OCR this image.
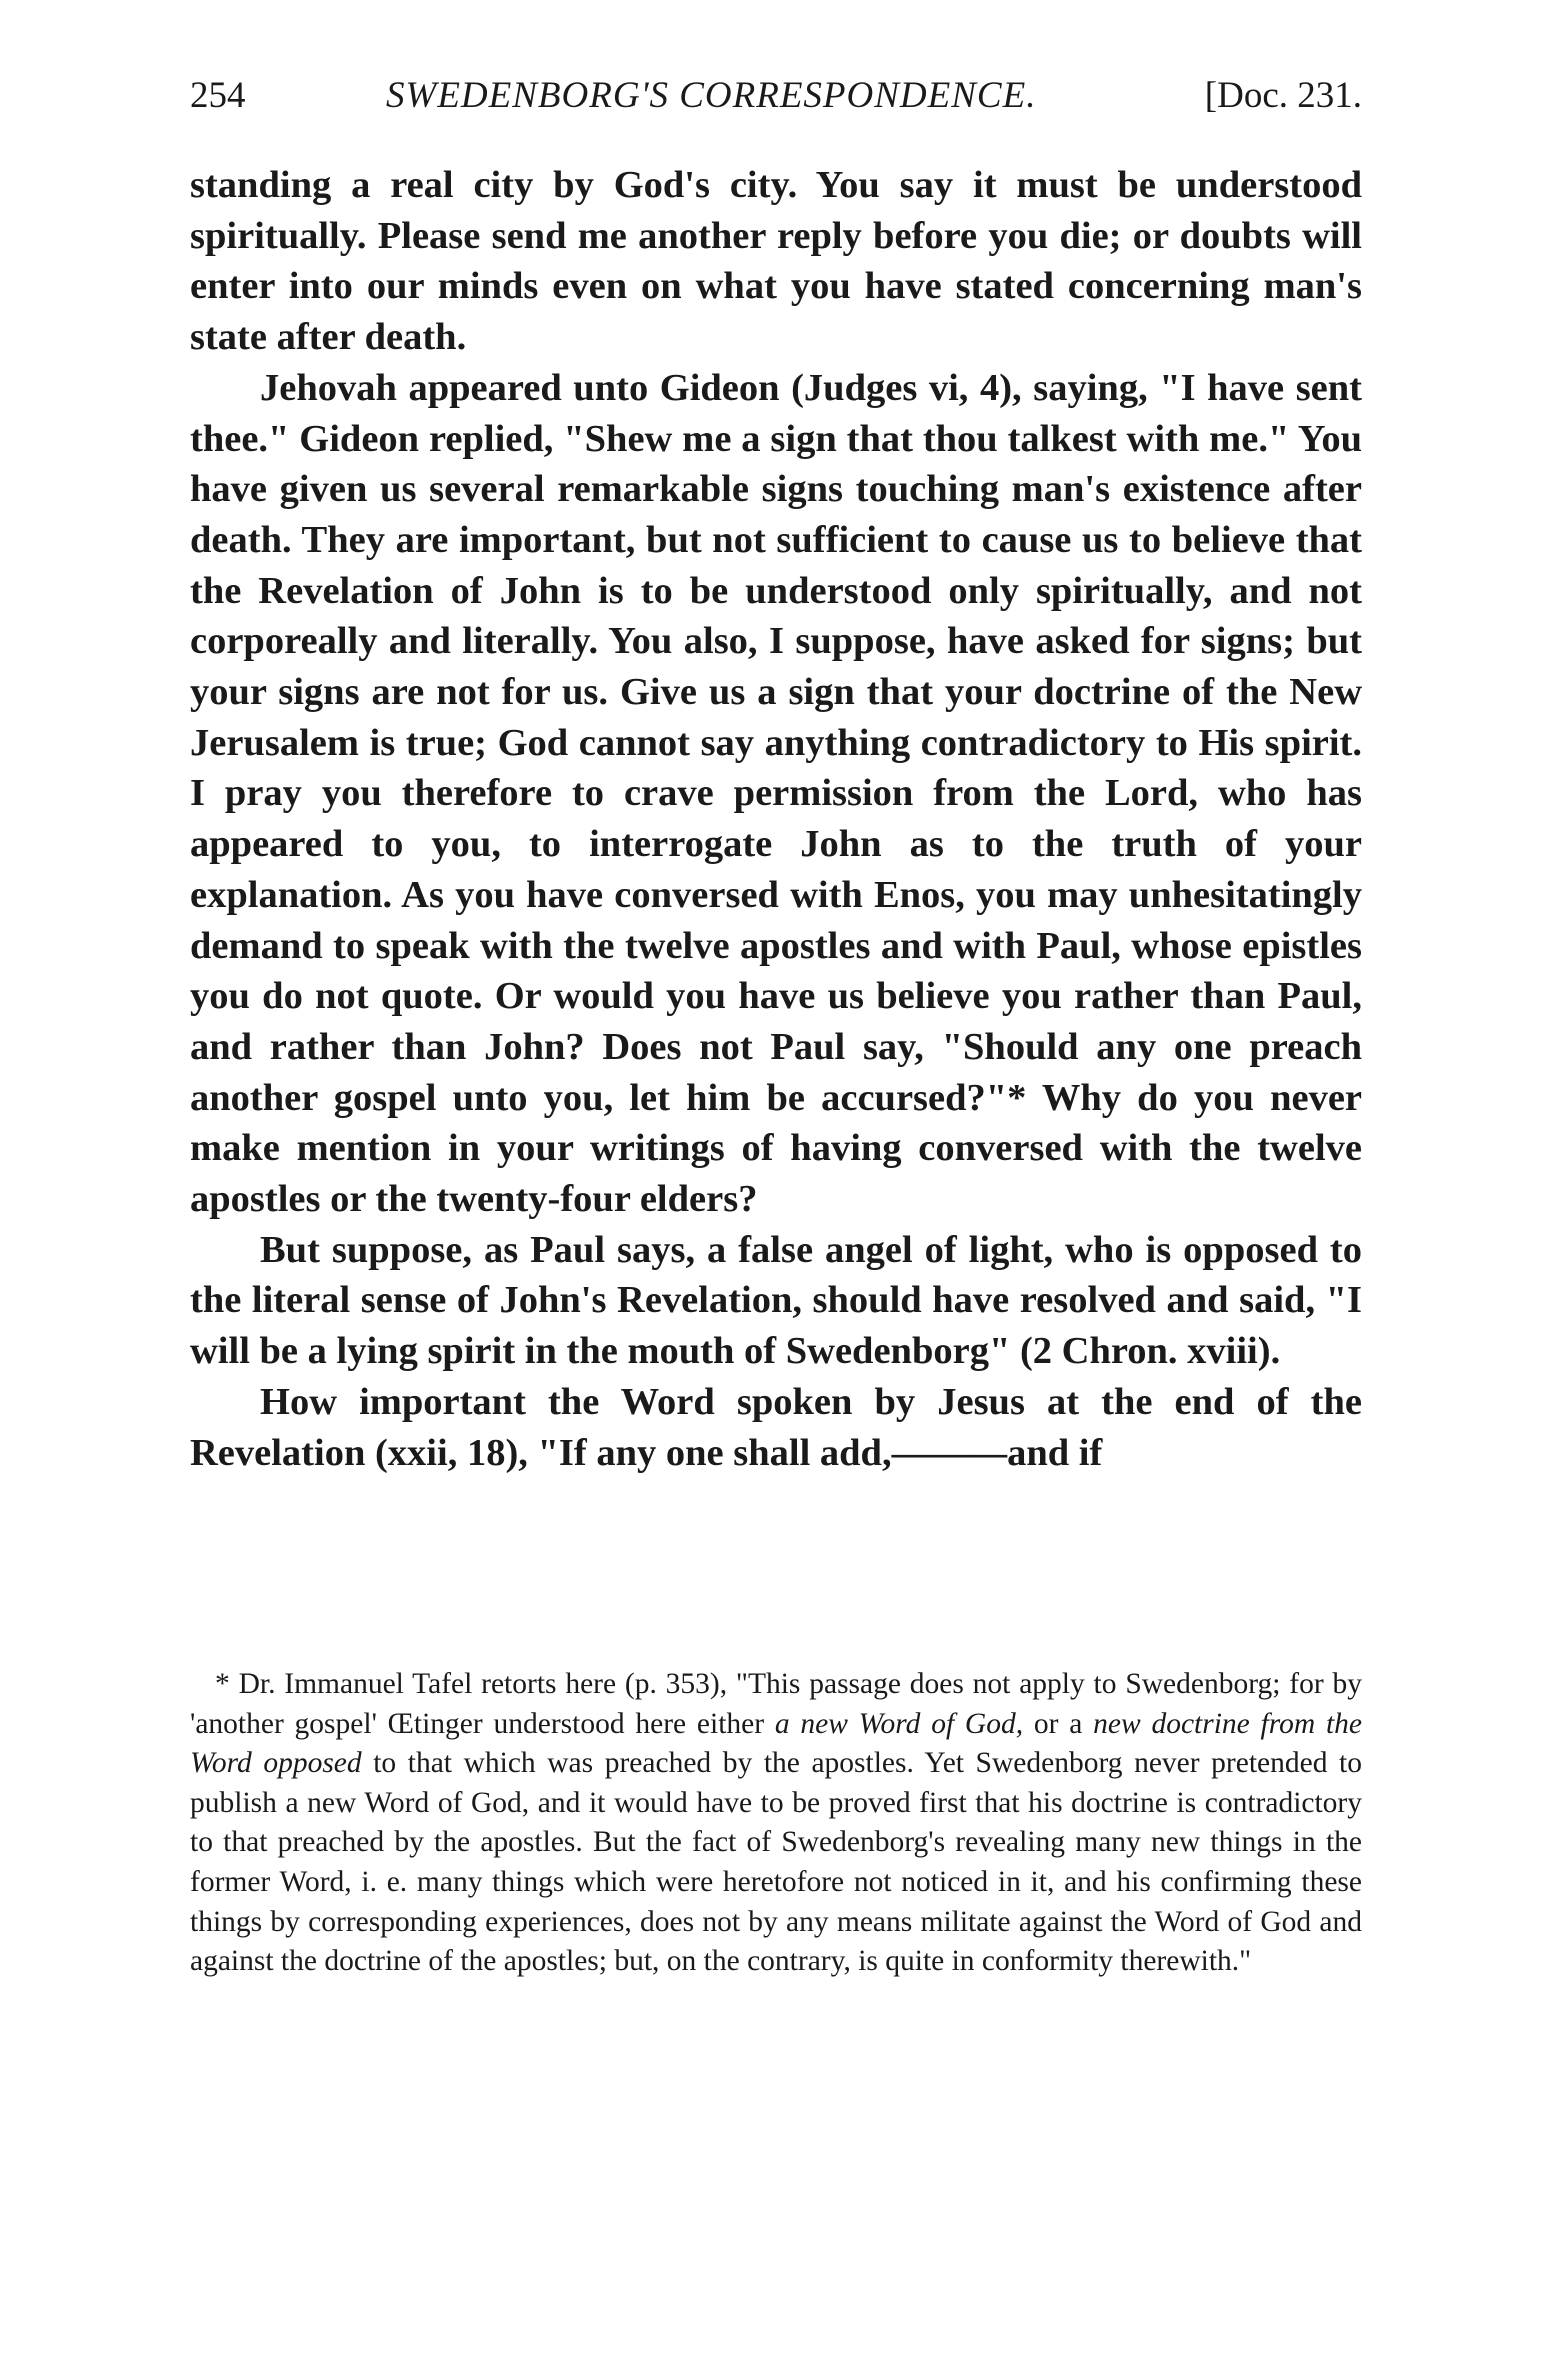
254	SWEDENBORG'S CORRESPONDENCE.	[Doc. 231.

standing a real city by God's city. You say it must be understood spiritually. Please send me another reply before you die; or doubts will enter into our minds even on what you have stated concerning man's state after death.

Jehovah appeared unto Gideon (Judges vi, 4), saying, "I have sent thee." Gideon replied, "Shew me a sign that thou talkest with me." You have given us several remarkable signs touching man's existence after death. They are important, but not sufficient to cause us to believe that the Revelation of John is to be understood only spiritually, and not corporeally and literally. You also, I suppose, have asked for signs; but your signs are not for us. Give us a sign that your doctrine of the New Jerusalem is true; God cannot say anything contradictory to His spirit. I pray you therefore to crave permission from the Lord, who has appeared to you, to interrogate John as to the truth of your explanation. As you have conversed with Enos, you may unhesitatingly demand to speak with the twelve apostles and with Paul, whose epistles you do not quote. Or would you have us believe you rather than Paul, and rather than John? Does not Paul say, "Should any one preach another gospel unto you, let him be accursed?"* Why do you never make mention in your writings of having conversed with the twelve apostles or the twenty-four elders?

But suppose, as Paul says, a false angel of light, who is opposed to the literal sense of John's Revelation, should have resolved and said, "I will be a lying spirit in the mouth of Swedenborg" (2 Chron. xviii).

How important the Word spoken by Jesus at the end of the Revelation (xxii, 18), "If any one shall add,———and if

* Dr. Immanuel Tafel retorts here (p. 353), "This passage does not apply to Swedenborg; for by 'another gospel' Œtinger understood here either a new Word of God, or a new doctrine from the Word opposed to that which was preached by the apostles. Yet Swedenborg never pretended to publish a new Word of God, and it would have to be proved first that his doctrine is contradictory to that preached by the apostles. But the fact of Swedenborg's revealing many new things in the former Word, i. e. many things which were heretofore not noticed in it, and his confirming these things by corresponding experiences, does not by any means militate against the Word of God and against the doctrine of the apostles; but, on the contrary, is quite in conformity therewith."
